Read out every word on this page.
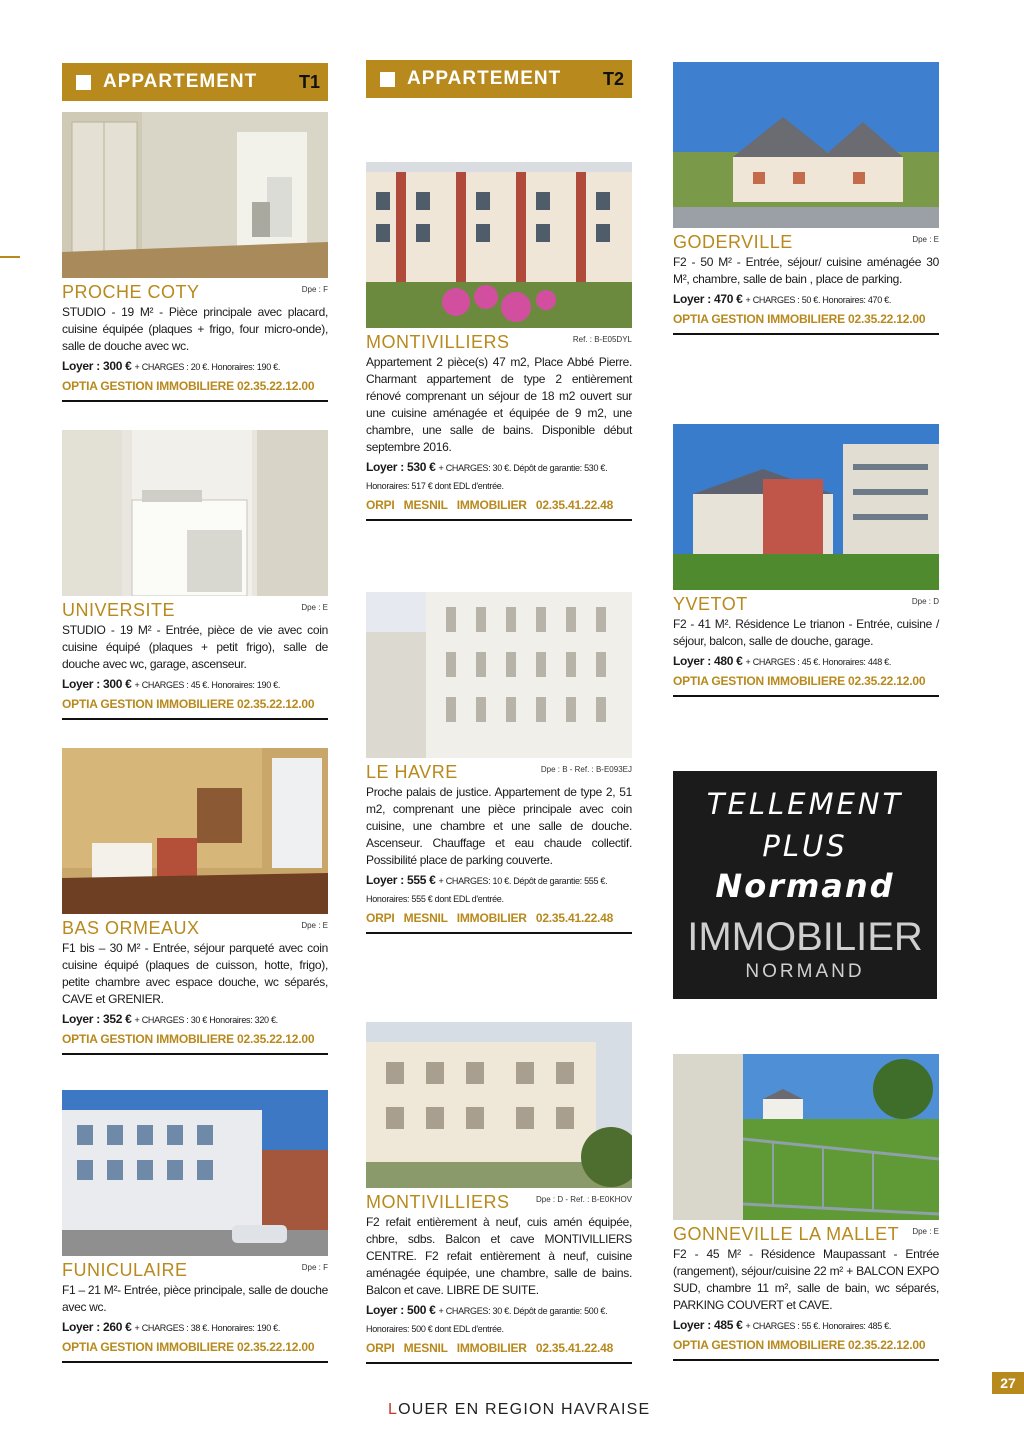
APPARTEMENT T1
PROCHE COTY	Dpe : F
STUDIO - 19 M² - Pièce principale avec placard, cuisine équipée (plaques + frigo, four micro-onde), salle de douche avec wc.
Loyer : 300 € + CHARGES : 20 €. Honoraires: 190 €.
OPTIA GESTION IMMOBILIERE 02.35.22.12.00
UNIVERSITE	Dpe : E
STUDIO - 19 M² - Entrée, pièce de vie avec coin cuisine équipé (plaques + petit frigo), salle de douche avec wc, garage, ascenseur.
Loyer : 300 € + CHARGES : 45 €. Honoraires: 190 €.
OPTIA GESTION IMMOBILIERE 02.35.22.12.00
BAS ORMEAUX	Dpe : E
F1 bis – 30 M² - Entrée, séjour parqueté avec coin cuisine équipé (plaques de cuisson, hotte, frigo), petite chambre avec espace douche, wc séparés, CAVE et GRENIER.
Loyer : 352 € + CHARGES : 30 € Honoraires: 320 €.
OPTIA GESTION IMMOBILIERE 02.35.22.12.00
FUNICULAIRE	Dpe : F
F1 – 21 M²- Entrée, pièce principale, salle de douche avec wc.
Loyer : 260 € + CHARGES : 38 €. Honoraires: 190 €.
OPTIA GESTION IMMOBILIERE 02.35.22.12.00
APPARTEMENT T2
MONTIVILLIERS	Ref. : B-E05DYL
Appartement 2 pièce(s) 47 m2, Place Abbé Pierre. Charmant appartement de type 2 entièrement rénové comprenant un séjour de 18 m2 ouvert sur une cuisine aménagée et équipée de 9 m2, une chambre, une salle de bains. Disponible début septembre 2016.
Loyer : 530 € + CHARGES: 30 €. Dépôt de garantie: 530 €. Honoraires: 517 € dont EDL d'entrée.
ORPI MESNIL IMMOBILIER 02.35.41.22.48
LE HAVRE	Dpe : B - Ref. : B-E093EJ
Proche palais de justice. Appartement de type 2, 51 m2, comprenant une pièce principale avec coin cuisine, une chambre et une salle de douche. Ascenseur. Chauffage et eau chaude collectif. Possibilité place de parking couverte.
Loyer : 555 € + CHARGES: 10 €. Dépôt de garantie: 555 €. Honoraires: 555 € dont EDL d'entrée.
ORPI MESNIL IMMOBILIER 02.35.41.22.48
MONTIVILLIERS	Dpe : D - Ref. : B-E0KHOV
F2 refait entièrement à neuf, cuis amén équipée, chbre, sdbs. Balcon et cave MONTIVILLIERS CENTRE. F2 refait entièrement à neuf, cuisine aménagée équipée, une chambre, salle de bains. Balcon et cave. LIBRE DE SUITE.
Loyer : 500 € + CHARGES: 30 €. Dépôt de garantie: 500 €. Honoraires: 500 € dont EDL d'entrée.
ORPI MESNIL IMMOBILIER 02.35.41.22.48
GODERVILLE	Dpe : E
F2 - 50 M² - Entrée, séjour/ cuisine aménagée 30 M², chambre, salle de bain , place de parking.
Loyer : 470 € + CHARGES : 50 €. Honoraires: 470 €.
OPTIA GESTION IMMOBILIERE 02.35.22.12.00
YVETOT	Dpe : D
F2 - 41 M². Résidence Le trianon - Entrée, cuisine / séjour, balcon, salle de douche, garage.
Loyer : 480 € + CHARGES : 45 €. Honoraires: 448 €.
OPTIA GESTION IMMOBILIERE 02.35.22.12.00
TELLEMENT
PLUS
Normand
IMMOBILIER
NORMAND
GONNEVILLE LA MALLET Dpe : E
F2 - 45 M² - Résidence Maupassant - Entrée (rangement), séjour/cuisine 22 m² + BALCON EXPO SUD, chambre 11 m², salle de bain, wc séparés, PARKING COUVERT et CAVE.
Loyer : 485 € + CHARGES : 55 €. Honoraires: 485 €.
OPTIA GESTION IMMOBILIERE 02.35.22.12.00
LOUER EN REGION HAVRAISE
27
